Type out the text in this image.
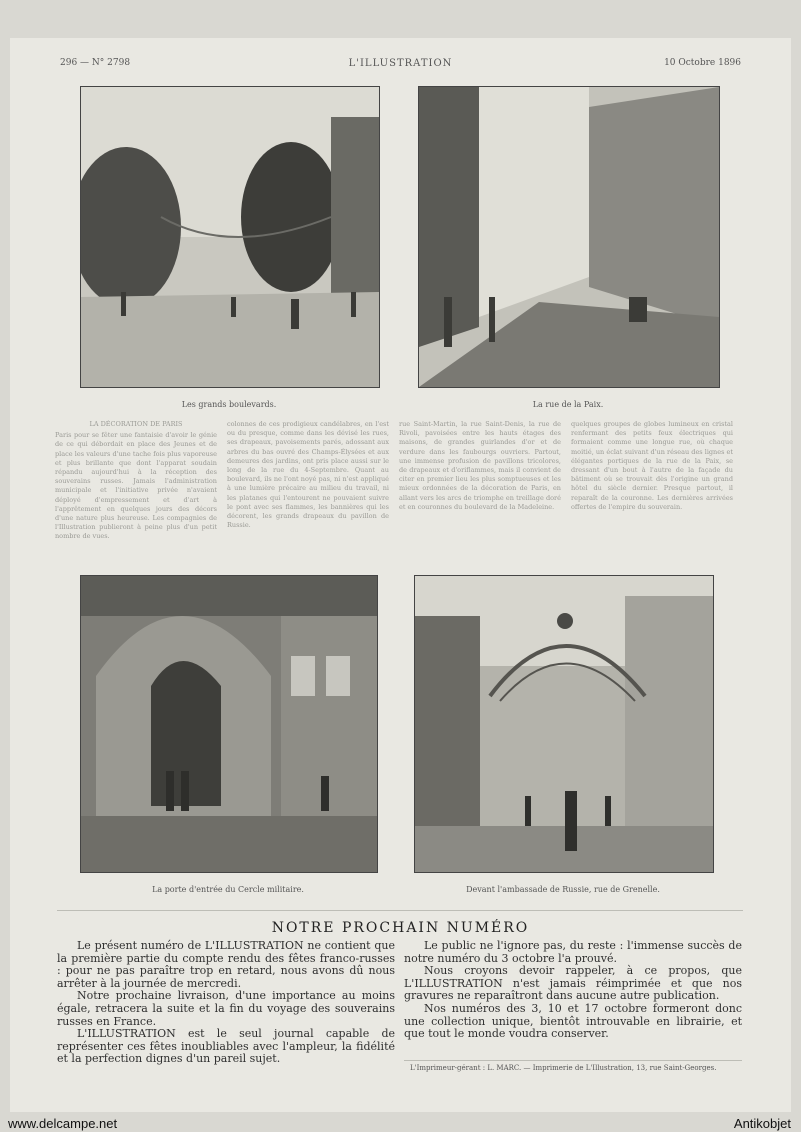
296 — N° 2798	L'ILLUSTRATION	10 Octobre 1896
Les grands boulevards.	La rue de la Paix.
LA DÉCORATION DE PARIS
Paris pour se fêter une fantaisie d'avoir le génie de ce qui débordait en place des Jeunes et de place les valeurs d'une tache fois plus vaporeuse et plus brillante que dont l'apparat soudain répandu aujourd'hui à la réception des souverains russes. Jamais l'administration municipale et l'initiative privée n'avaient déployé d'empressement et d'art à l'apprêtement en quelques jours des décors d'une nature plus heureuse. Les compagnies de l'Illustration publieront à peine plus d'un petit nombre de vues.
colonnes de ces prodigieux candélabres, en l'est ou du presque, comme dans les dévisé les rues, ses drapeaux, pavoisements parés, adossant aux arbres du bas ouvré des Champs-Élysées et aux demeures des jardins, ont pris place aussi sur le long de la rue du 4-Septembre. Quant au boulevard, ils ne l'ont noyé pas, ni n'est appliqué à une lumière précaire au milieu du travail, ni les platanes qui l'entourent ne pouvaient suivre le pont avec ses flammes, les bannières qui les décorent, les grands drapeaux du pavillon de Russie.
rue Saint-Martin, la rue Saint-Denis, la rue de Rivoli, pavoisées entre les hauts étages des maisons, de grandes guirlandes d'or et de verdure dans les faubourgs ouvriers. Partout, une immense profusion de pavillons tricolores, de drapeaux et d'oriflammes, mais il convient de citer en premier lieu les plus somptueuses et les mieux ordonnées de la décoration de Paris, en allant vers les arcs de triomphe en treillage doré et en couronnes du boulevard de la Madeleine.
quelques groupes de globes lumineux en cristal renfermant des petits feux électriques qui formaient comme une longue rue, où chaque moitié, un éclat suivant d'un réseau des lignes et élégantes portiques de la rue de la Paix, se dressant d'un bout à l'autre de la façade du bâtiment où se trouvait dès l'origine un grand hôtel du siècle dernier. Presque partout, il reparaît de la couronne. Les dernières arrivées offertes de l'empire du souverain.
La porte d'entrée du Cercle militaire.	Devant l'ambassade de Russie, rue de Grenelle.
NOTRE PROCHAIN NUMÉRO

Le présent numéro de L'ILLUSTRATION ne contient que la première partie du compte rendu des fêtes franco-russes : pour ne pas paraître trop en retard, nous avons dû nous arrêter à la journée de mercredi.

Notre prochaine livraison, d'une importance au moins égale, retracera la suite et la fin du voyage des souverains russes en France.

L'ILLUSTRATION est le seul journal capable de représenter ces fêtes inoubliables avec l'ampleur, la fidélité et la perfection dignes d'un pareil sujet.

Le public ne l'ignore pas, du reste : l'immense succès de notre numéro du 3 octobre l'a prouvé.

Nous croyons devoir rappeler, à ce propos, que L'ILLUSTRATION n'est jamais réimprimée et que nos gravures ne reparaîtront dans aucune autre publication.

Nos numéros des 3, 10 et 17 octobre formeront donc une collection unique, bientôt introuvable en librairie, et que tout le monde voudra conserver.

L'Imprimeur-gérant : L. MARC. — Imprimerie de L'Illustration, 13, rue Saint-Georges.
www.delcampe.net	Antikobjet
